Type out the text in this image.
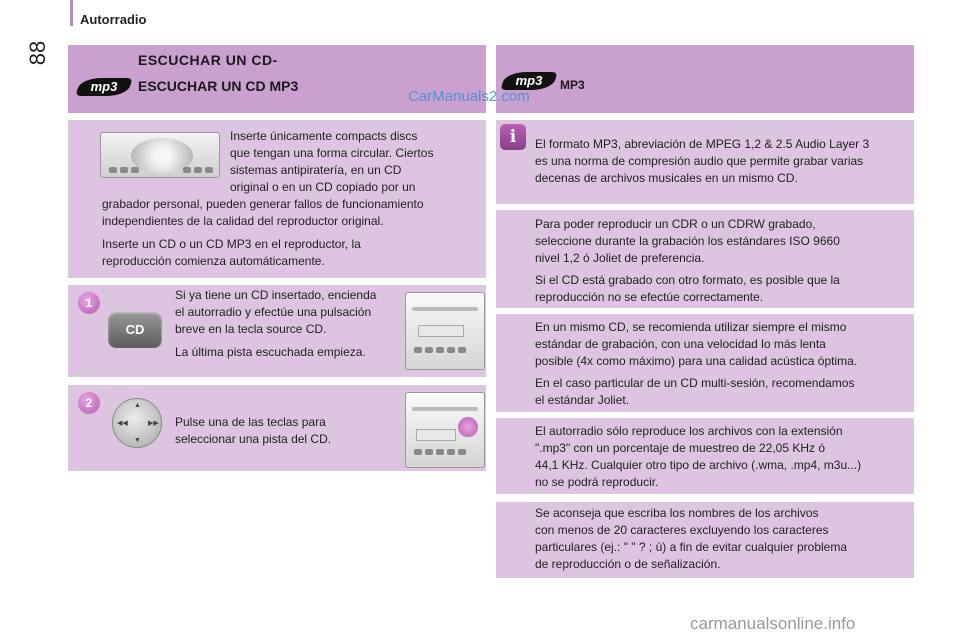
88
Autorradio
mp3
ESCUCHAR UN CD-
ESCUCHAR UN CD MP3	mp3	MP3
CarManuals2.com
Inserte únicamente compacts discs
que tengan una forma circular. Ciertos
sistemas antipiratería, en un CD
original o en un CD copiado por un
grabador personal, pueden generar fallos de funcionamiento
independientes de la calidad del reproductor original.
Inserte un CD o un CD MP3 en el reproductor, la
reproducción comienza automáticamente.
1
CD
Si ya tiene un CD insertado, encienda
el autorradio y efectúe una pulsación
breve en la tecla source CD.
La última pista escuchada empieza.
2	▲
▼
◀◀	▶▶ Pulse una de las teclas para
seleccionar una pista del CD.
i	El formato MP3, abreviación de MPEG 1,2 & 2.5 Audio Layer 3
es una norma de compresión audio que permite grabar varias
decenas de archivos musicales en un mismo CD.
Para poder reproducir un CDR o un CDRW grabado,
seleccione durante la grabación los estándares ISO 9660
nivel 1,2 ó Joliet de preferencia.
Si el CD está grabado con otro formato, es posible que la
reproducción no se efectúe correctamente.
En un mismo CD, se recomienda utilizar siempre el mismo
estándar de grabación, con una velocidad lo más lenta
posible (4x como máximo) para una calidad acústica óptima.
En el caso particular de un CD multi-sesión, recomendamos
el estándar Joliet.
El autorradio sólo reproduce los archivos con la extensión
".mp3" con un porcentaje de muestreo de 22,05 KHz ó
44,1 KHz. Cualquier otro tipo de archivo (.wma, .mp4, m3u...)
no se podrá reproducir.
Se aconseja que escriba los nombres de los archivos
con menos de 20 caracteres excluyendo los caracteres
particulares (ej.: " " ? ; ù) a fin de evitar cualquier problema
de reproducción o de señalización.
carmanualsonline.info
